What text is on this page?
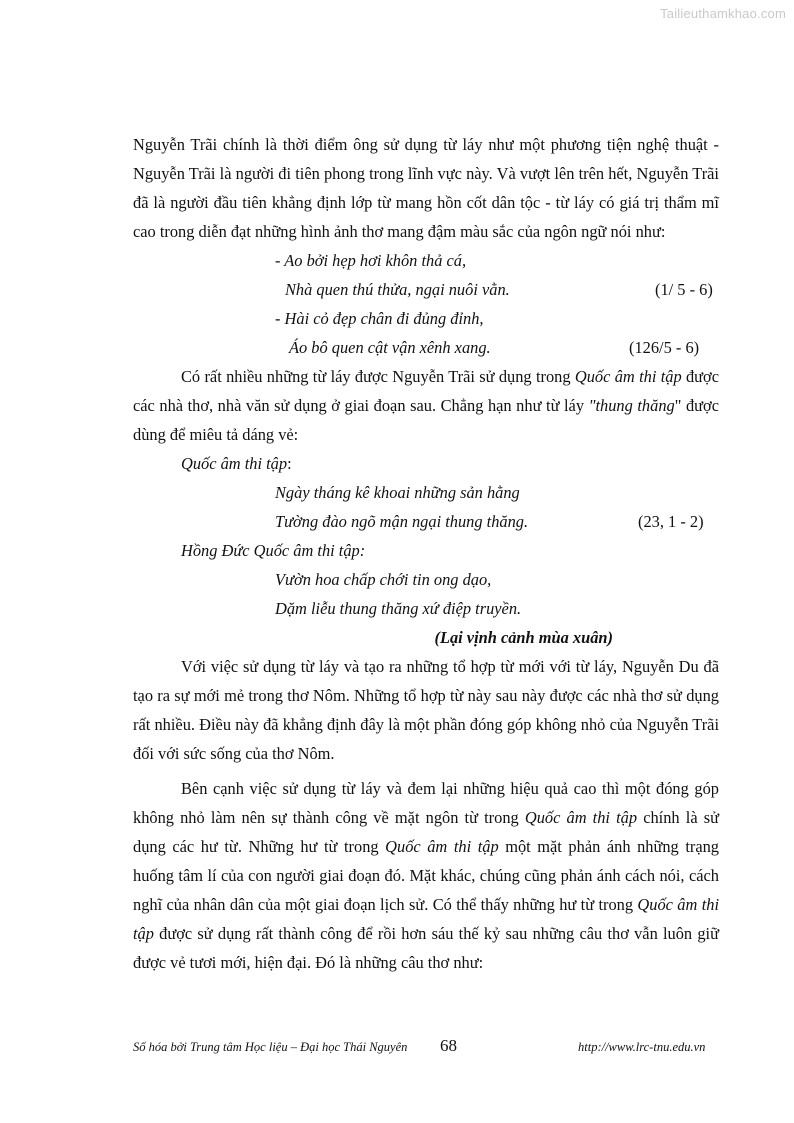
Tailieuthamkhao.com

Nguyễn Trãi chính là thời điểm ông sử dụng từ láy như một phương tiện nghệ thuật - Nguyễn Trãi là người đi tiên phong trong lĩnh vực này. Và vượt lên trên hết, Nguyễn Trãi đã là người đầu tiên khẳng định lớp từ mang hồn cốt dân tộc - từ láy có giá trị thẩm mĩ cao trong diễn đạt những hình ảnh thơ mang đậm màu sắc của ngôn ngữ nói như:

- Ao bởi hẹp hơi khôn thả cá,
Nhà quen thú thửa, ngại nuôi vằn.	(1/ 5 - 6)
- Hài cỏ đẹp chân đi đủng đỉnh,
Áo bô quen cật vận xênh xang.	(126/5 - 6)

Có rất nhiều những từ láy được Nguyễn Trãi sử dụng trong Quốc âm thi tập được các nhà thơ, nhà văn sử dụng ở giai đoạn sau. Chẳng hạn như từ láy "thung thăng" được dùng để miêu tả dáng vẻ:

Quốc âm thi tập:
Ngày tháng kê khoai những sản hằng
Tường đào ngõ mận ngại thung thăng.	(23, 1 - 2)
Hồng Đức Quốc âm thi tập:
Vườn hoa chấp chới tin ong dạo,
Dặm liễu thung thăng xứ điệp truyền.

(Lại vịnh cảnh mùa xuân)

Với việc sử dụng từ láy và tạo ra những tổ hợp từ mới với từ láy, Nguyễn Du đã tạo ra sự mới mẻ trong thơ Nôm. Những tổ hợp từ này sau này được các nhà thơ sử dụng rất nhiều. Điều này đã khẳng định đây là một phần đóng góp không nhỏ của Nguyễn Trãi đối với sức sống của thơ Nôm.

Bên cạnh việc sử dụng từ láy và đem lại những hiệu quả cao thì một đóng góp không nhỏ làm nên sự thành công về mặt ngôn từ trong Quốc âm thi tập chính là sử dụng các hư từ. Những hư từ trong Quốc âm thi tập một mặt phản ánh những trạng huống tâm lí của con người giai đoạn đó. Mặt khác, chúng cũng phản ánh cách nói, cách nghĩ của nhân dân của một giai đoạn lịch sử. Có thể thấy những hư từ trong Quốc âm thi tập được sử dụng rất thành công để rồi hơn sáu thế kỷ sau những câu thơ vẫn luôn giữ được vẻ tươi mới, hiện đại. Đó là những câu thơ như:

Số hóa bởi Trung tâm Học liệu – Đại học Thái Nguyên 68	http://www.lrc-tnu.edu.vn
